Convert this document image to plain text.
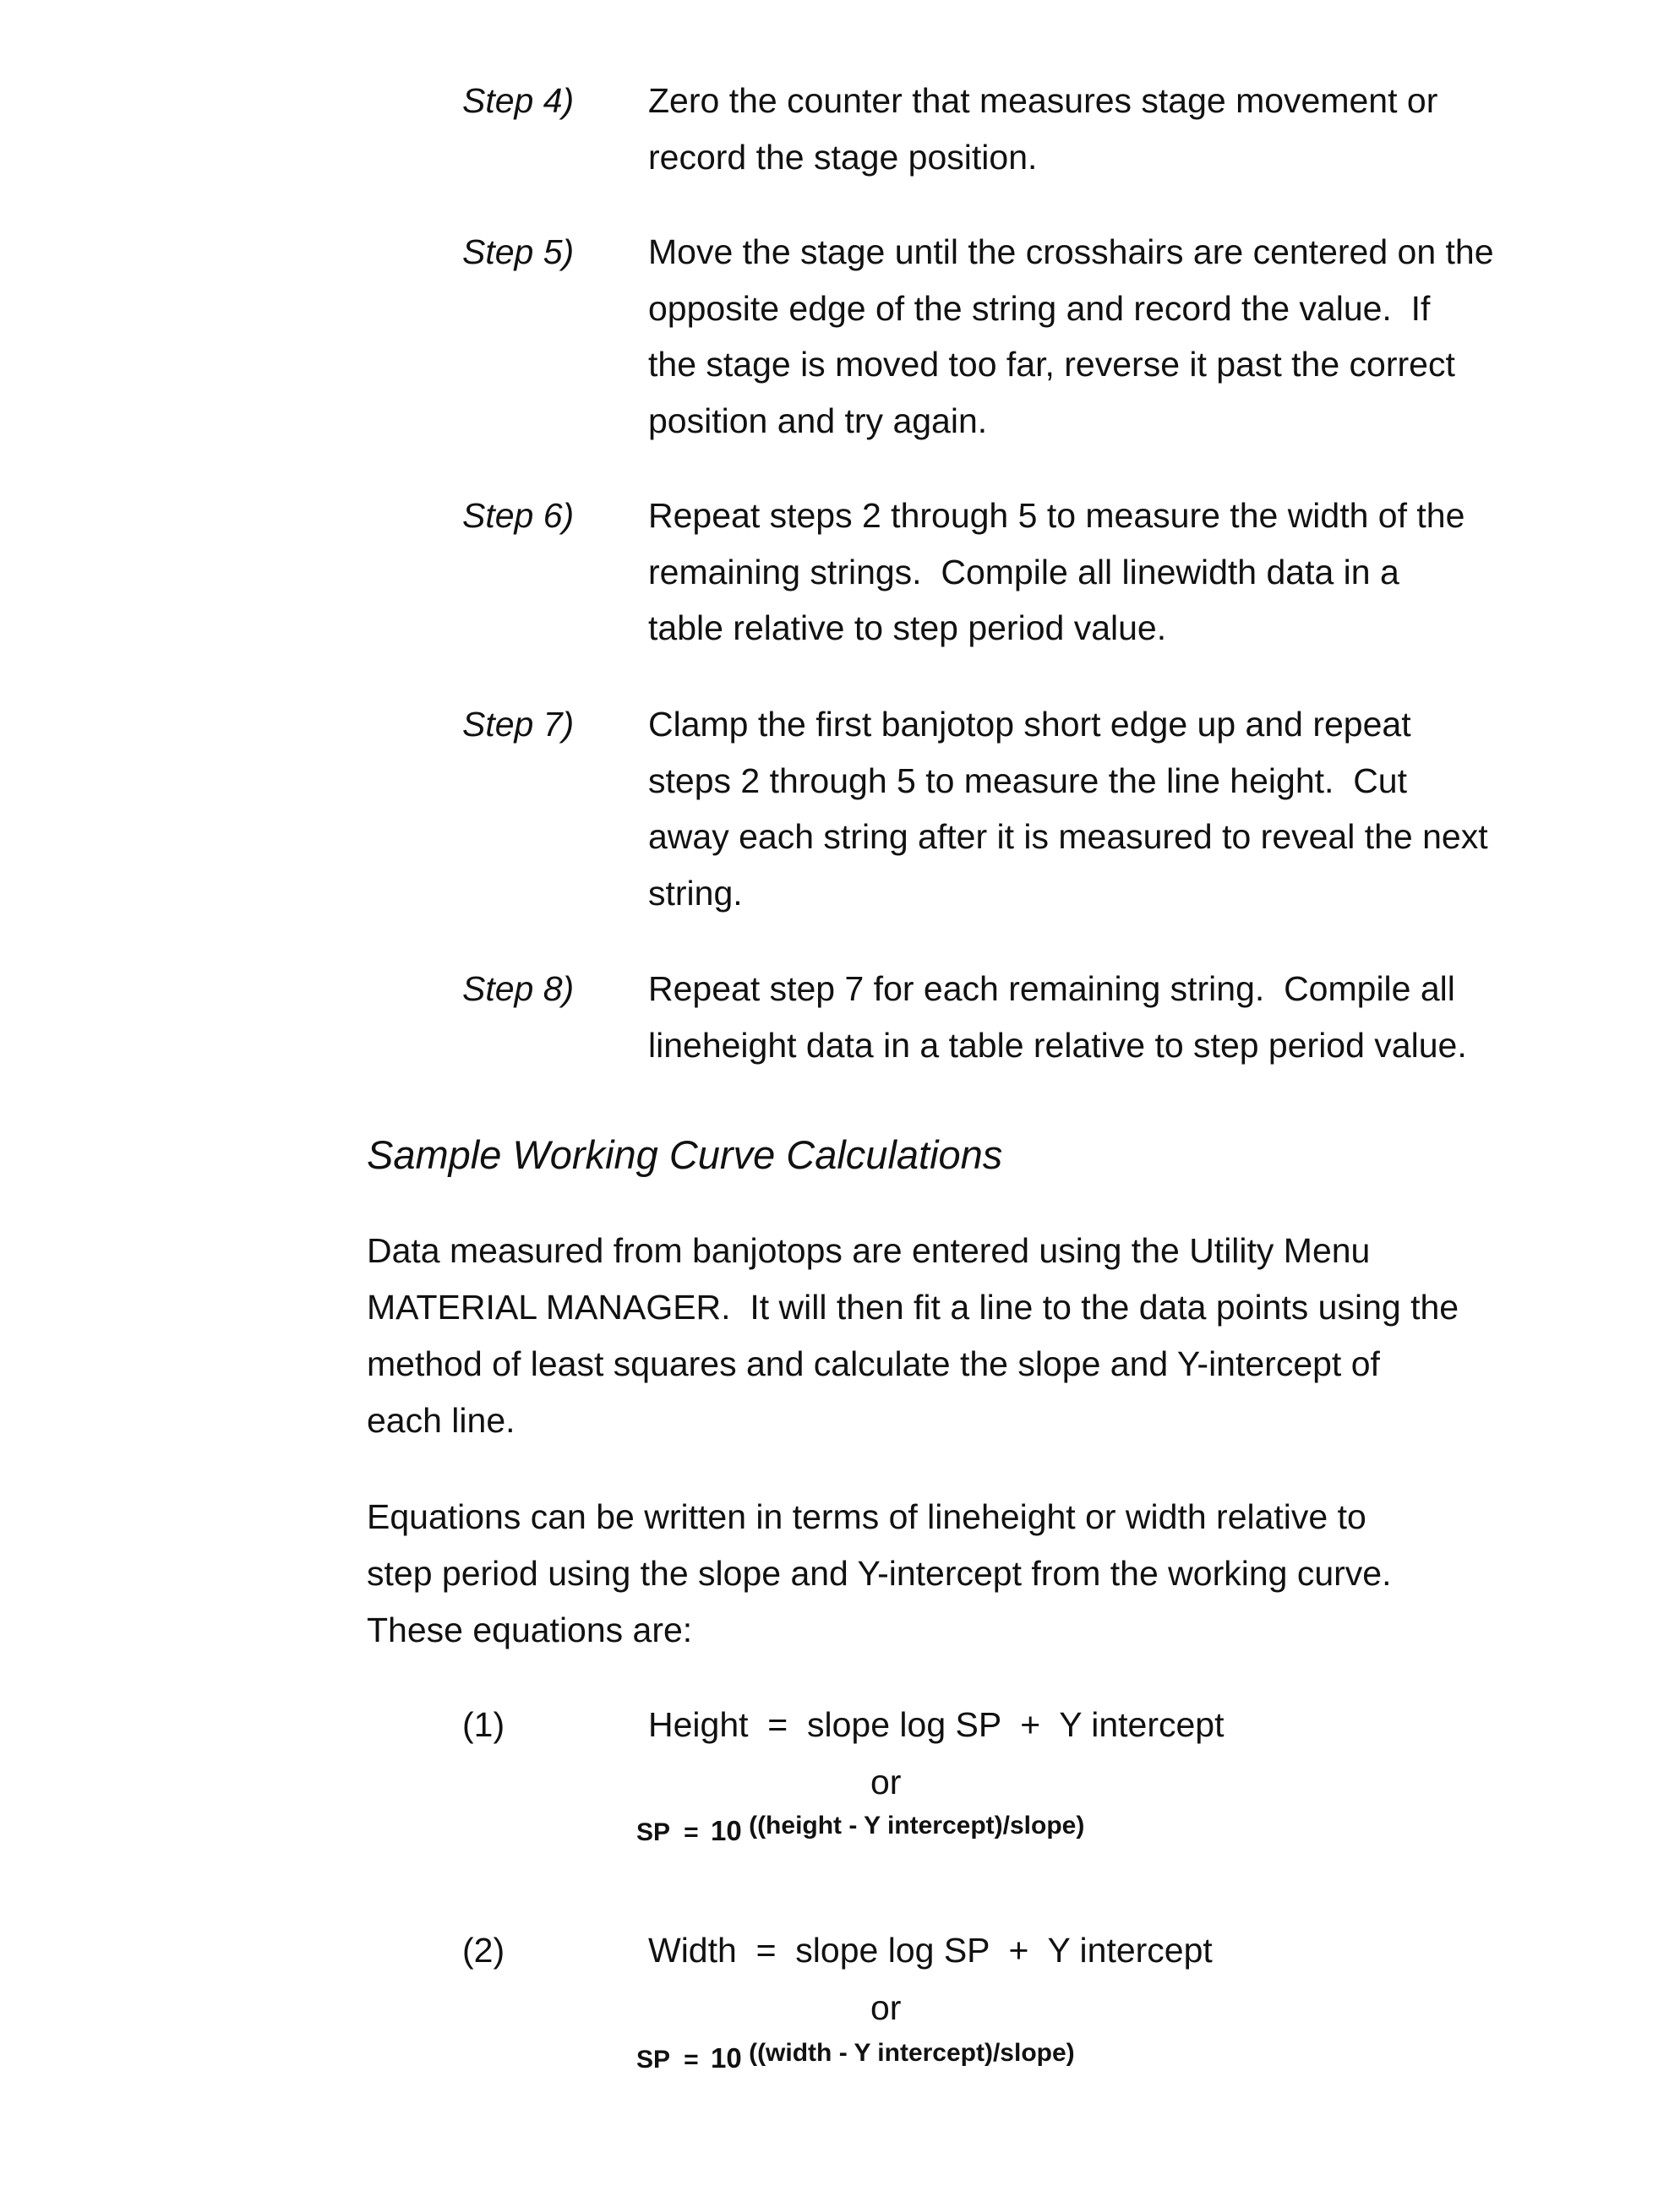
Step 4) Zero the counter that measures stage movement or
record the stage position.
Step 5) Move the stage until the crosshairs are centered on the
opposite edge of the string and record the value.  If
the stage is moved too far, reverse it past the correct
position and try again.
Step 6) Repeat steps 2 through 5 to measure the width of the
remaining strings.  Compile all linewidth data in a
table relative to step period value.
Step 7) Clamp the first banjotop short edge up and repeat
steps 2 through 5 to measure the line height.  Cut
away each string after it is measured to reveal the next
string.
Step 8) Repeat step 7 for each remaining string.  Compile all
lineheight data in a table relative to step period value.
Sample Working Curve Calculations
Data measured from banjotops are entered using the Utility Menu
MATERIAL MANAGER.  It will then fit a line to the data points using the
method of least squares and calculate the slope and Y-intercept of
each line.
Equations can be written in terms of lineheight or width relative to
step period using the slope and Y-intercept from the working curve.
These equations are:
(1)	Height  =  slope log SP  +  Y intercept
or
SP  = 10 ((height - Y intercept)/slope)
(2)	Width  =  slope log SP  +  Y intercept
or
SP  = 10 ((width - Y intercept)/slope)
